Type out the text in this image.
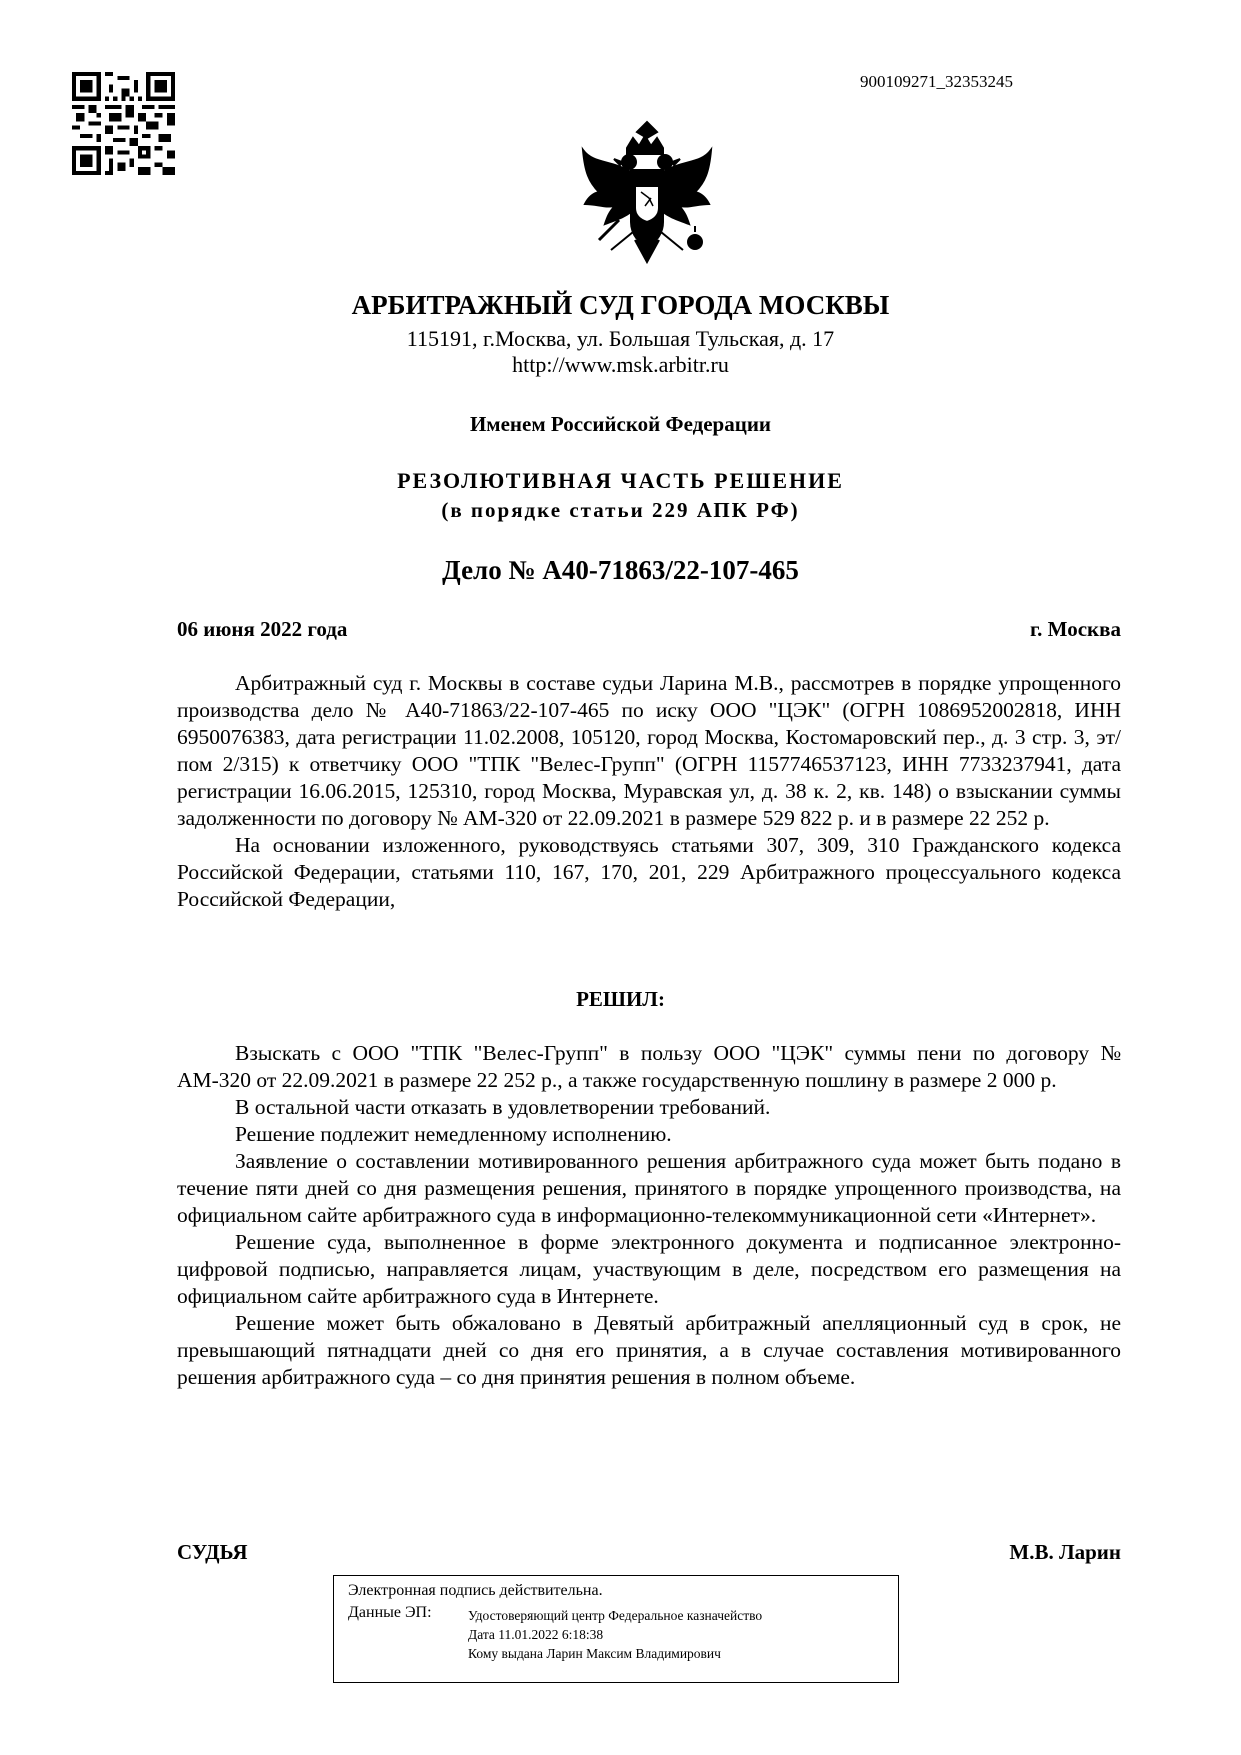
900109271_32353245
АРБИТРАЖНЫЙ СУД ГОРОДА МОСКВЫ
115191, г.Москва, ул. Большая Тульская, д. 17
http://www.msk.arbitr.ru
Именем Российской Федерации
РЕЗОЛЮТИВНАЯ ЧАСТЬ РЕШЕНИЕ
(в порядке статьи 229 АПК РФ)
Дело № А40-71863/22-107-465
06 июня 2022 года	г. Москва

Арбитражный суд г. Москвы в составе судьи Ларина М.В., рассмотрев в порядке упрощенного производства дело № А40-71863/22-107-465 по иску ООО "ЦЭК" (ОГРН 1086952002818, ИНН 6950076383, дата регистрации 11.02.2008, 105120, город Москва, Костомаровский пер., д. 3 стр. 3, эт/пом 2/315) к ответчику ООО "ТПК "Велес-Групп" (ОГРН 1157746537123, ИНН 7733237941, дата регистрации 16.06.2015, 125310, город Москва, Муравская ул, д. 38 к. 2, кв. 148) о взыскании суммы задолженности по договору № АМ-320 от 22.09.2021 в размере 529 822 р. и в размере 22 252 р.

На основании изложенного, руководствуясь статьями 307, 309, 310 Гражданского кодекса Российской Федерации, статьями 110, 167, 170, 201, 229 Арбитражного процессуального кодекса Российской Федерации,

РЕШИЛ:

Взыскать с ООО "ТПК "Велес-Групп" в пользу ООО "ЦЭК" суммы пени по договору № АМ-320 от 22.09.2021 в размере 22 252 р., а также государственную пошлину в размере 2 000 р.

В остальной части отказать в удовлетворении требований.

Решение подлежит немедленному исполнению.

Заявление о составлении мотивированного решения арбитражного суда может быть подано в течение пяти дней со дня размещения решения, принятого в порядке упрощенного производства, на официальном сайте арбитражного суда в информационно-телекоммуникационной сети «Интернет».

Решение суда, выполненное в форме электронного документа и подписанное электронно-цифровой подписью, направляется лицам, участвующим в деле, посредством его размещения на официальном сайте арбитражного суда в Интернете.

Решение может быть обжаловано в Девятый арбитражный апелляционный суд в срок, не превышающий пятнадцати дней со дня его принятия, а в случае составления мотивированного решения арбитражного суда – со дня принятия решения в полном объеме.

СУДЬЯ	М.В. Ларин
Электронная подпись действительна.
Данные ЭП:	Удостоверяющий центр Федеральное казначейство
Дата 11.01.2022 6:18:38
Кому выдана Ларин Максим Владимирович
